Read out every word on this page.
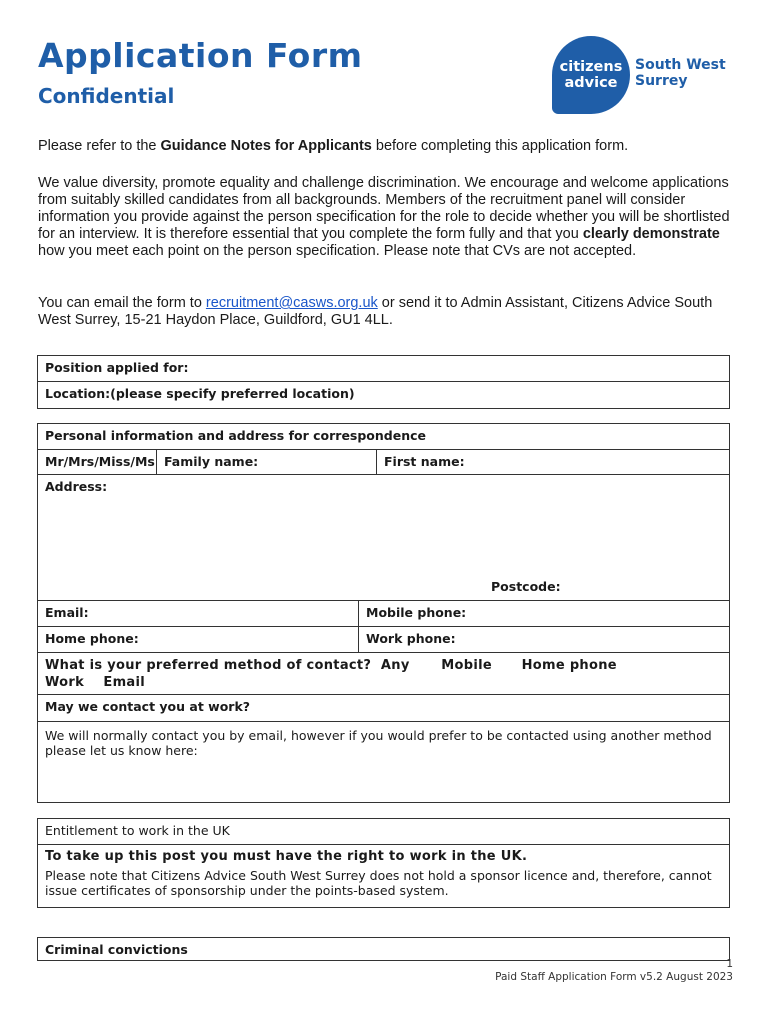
Application Form
Confidential
citizens
advice
South West
Surrey

Please refer to the Guidance Notes for Applicants before completing this application form.

We value diversity, promote equality and challenge discrimination. We encourage and welcome applications from suitably skilled candidates from all backgrounds. Members of the recruitment panel will consider information you provide against the person specification for the role to decide whether you will be shortlisted for an interview. It is therefore essential that you complete the form fully and that you clearly demonstrate how you meet each point on the person specification. Please note that CVs are not accepted.

You can email the form to recruitment@casws.org.uk or send it to Admin Assistant, Citizens Advice South West Surrey, 15-21 Haydon Place, Guildford, GU1 4LL.

Position applied for:
Location:(please specify preferred location)
Personal information and address for correspondence
Mr/Mrs/Miss/Ms Family name:	First name:
Address:
Postcode:
Email:	Mobile phone:
Home phone:	Work phone:
What is your preferred method of contact? Any Mobile Home phone
Work Email
May we contact you at work?
We will normally contact you by email, however if you would prefer to be contacted using another method please let us know here:
Entitlement to work in the UK
To take up this post you must have the right to work in the UK.
Please note that Citizens Advice South West Surrey does not hold a sponsor licence and, therefore, cannot issue certificates of sponsorship under the points-based system.
Criminal convictions
1
Paid Staff Application Form v5.2 August 2023
